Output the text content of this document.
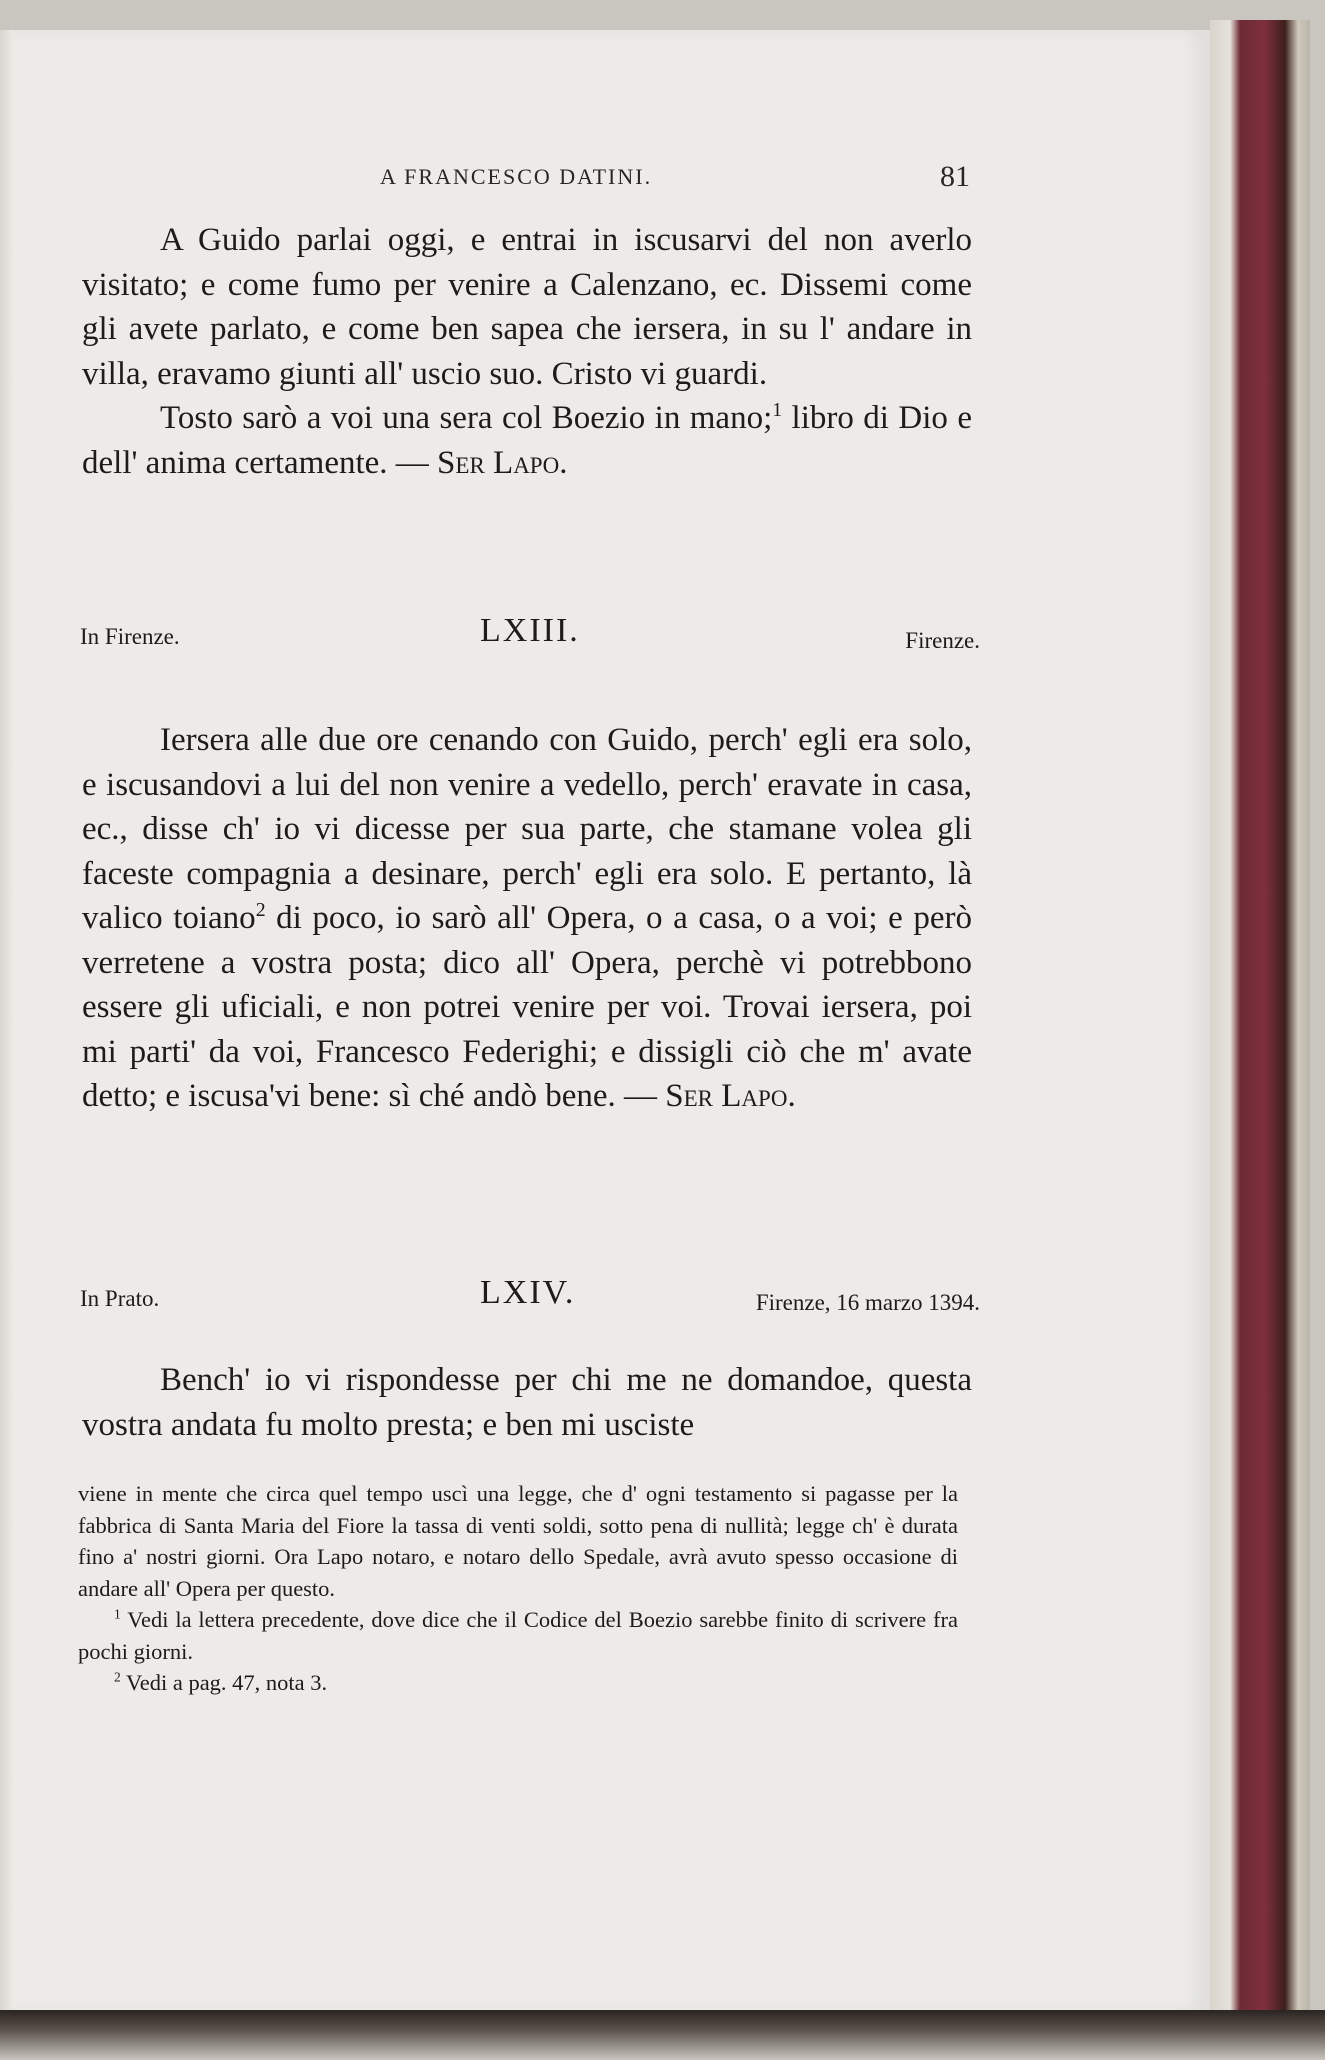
A FRANCESCO DATINI.	81

A Guido parlai oggi, e entrai in iscusarvi del non averlo visitato; e come fumo per venire a Calenzano, ec. Dissemi come gli avete parlato, e come ben sapea che iersera, in su l' andare in villa, eravamo giunti all' uscio suo. Cristo vi guardi.

Tosto sarò a voi una sera col Boezio in mano;$^1$ libro di Dio e dell' anima certamente. — Ser Lapo.

In Firenze.	LXIII.	Firenze.

Iersera alle due ore cenando con Guido, perch' egli era solo, e iscusandovi a lui del non venire a vedello, perch' eravate in casa, ec., disse ch' io vi dicesse per sua parte, che stamane volea gli faceste compagnia a desinare, perch' egli era solo. E pertanto, là valico toiano$^2$ di poco, io sarò all' Opera, o a casa, o a voi; e però verretene a vostra posta; dico all' Opera, perchè vi potrebbono essere gli uficiali, e non potrei venire per voi. Trovai iersera, poi mi parti' da voi, Francesco Federighi; e dissigli ciò che m' avate detto; e iscusa'vi bene: sì ché andò bene. — Ser Lapo.

In Prato.	LXIV.	Firenze, 16 marzo 1394.

Bench' io vi rispondesse per chi me ne domandoe, questa vostra andata fu molto presta; e ben mi usciste

viene in mente che circa quel tempo uscì una legge, che d' ogni testamento si pagasse per la fabbrica di Santa Maria del Fiore la tassa di venti soldi, sotto pena di nullità; legge ch' è durata fino a' nostri giorni. Ora Lapo notaro, e notaro dello Spedale, avrà avuto spesso occasione di andare all' Opera per questo.

$^1$ Vedi la lettera precedente, dove dice che il Codice del Boezio sarebbe finito di scrivere fra pochi giorni.

$^2$ Vedi a pag. 47, nota 3.
